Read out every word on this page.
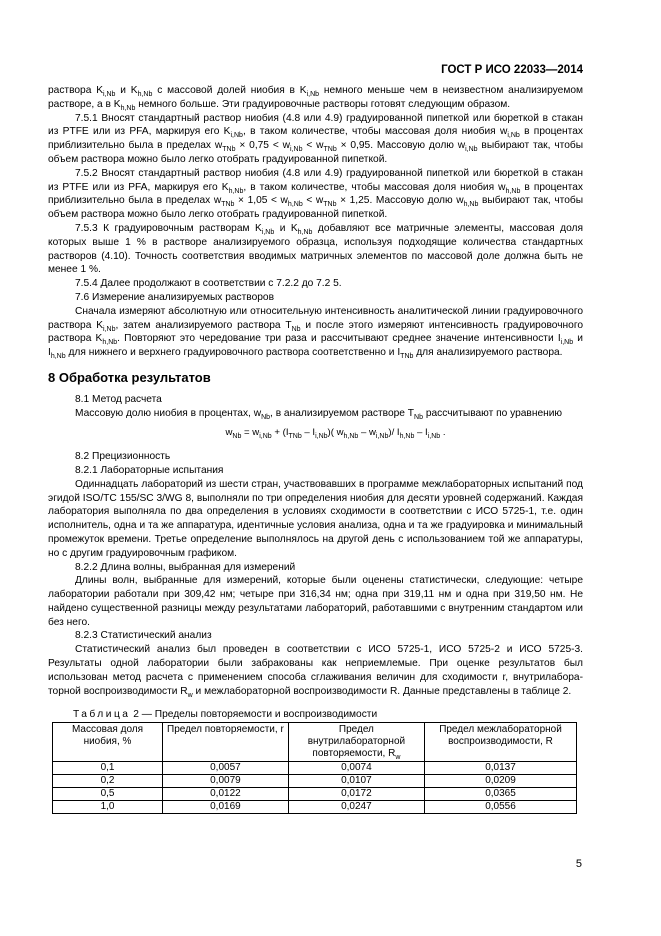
ГОСТ Р ИСО 22033—2014

раствора $K_{i,Nb}$ и $K_{h,Nb}$ с массовой долей ниобия в $K_{i,Nb}$ немного меньше чем в неизвестном анализируемом растворе, а в $K_{h,Nb}$ немного больше. Эти градуировочные растворы готовят следующим образом.

7.5.1 Вносят стандартный раствор ниобия (4.8 или 4.9) градуированной пипеткой или бюреткой в стакан из PTFE или из PFA, маркируя его $K_{i,Nb}$, в таком количестве, чтобы массовая доля ниобия $w_{i,Nb}$ в процентах приблизительно была в пределах $w_{TNb} \times 0,75 < w_{i,Nb} < w_{TNb} \times 0,95$. Массовую долю $w_{i,Nb}$ выбирают так, чтобы объем раствора можно было легко отобрать градуированной пипеткой.

7.5.2 Вносят стандартный раствор ниобия (4.8 или 4.9) градуированной пипеткой или бюреткой в стакан из PTFE или из PFA, маркируя его $K_{h,Nb}$, в таком количестве, чтобы массовая доля ниобия $w_{h,Nb}$ в процентах приблизительно была в пределах $w_{TNb} \times 1,05 < w_{h,Nb} < w_{TNb} \times 1,25$. Массовую долю $w_{h,Nb}$ выбирают так, чтобы объем раствора можно было легко отобрать градуированной пипеткой.

7.5.3 К градуировочным растворам $K_{i,Nb}$ и $K_{h,Nb}$ добавляют все матричные элементы, массовая доля которых выше 1 % в растворе анализируемого образца, используя подходящие количества стандартных растворов (4.10). Точность соответствия вводимых матричных элементов по массовой доле должна быть не менее 1 %.

7.5.4 Далее продолжают в соответствии с 7.2.2 до 7.2 5.

7.6 Измерение анализируемых растворов

Сначала измеряют абсолютную или относительную интенсивность аналитической линии градуировочного раствора $K_{i,Nb}$, затем анализируемого раствора $T_{Nb}$ и после этого измеряют интенсивность градуировочного раствора $K_{h,Nb}$. Повторяют это чередование три раза и рассчитывают среднее значение интенсивности $I_{i,Nb}$ и $I_{h,Nb}$ для нижнего и верхнего градуировочного раствора соответственно и $I_{TNb}$ для анализируемого раствора.

8 Обработка результатов

8.1 Метод расчета

Массовую долю ниобия в процентах, $w_{Nb}$, в анализируемом растворе $T_{Nb}$ рассчитывают по уравнению

$w_{Nb} = w_{i,Nb} + (I_{TNb} - I_{i,Nb})$( $w_{h,Nb} - w_{i,Nb})/$ $I_{h,Nb} - I_{i,Nb}$ .

8.2 Прецизионность

8.2.1 Лабораторные испытания

Одиннадцать лабораторий из шести стран, участвовавших в программе межлабораторных испытаний под эгидой ISO/TC 155/SC 3/WG 8, выполняли по три определения ниобия для десяти уровней содержаний. Каждая лаборатория выполняла по два определения в условиях сходимости в соответствии с ИСО 5725-1, т.е. один исполнитель, одна и та же аппаратура, идентичные условия анализа, одна и та же градуировка и минимальный промежуток времени. Третье определение выполнялось на другой день с использованием той же аппаратуры, но с другим градуировочным графиком.

8.2.2 Длина волны, выбранная для измерений

Длины волн, выбранные для измерений, которые были оценены статистически, следующие: четыре лаборатории работали при 309,42 нм; четыре при 316,34 нм; одна при 319,11 нм и одна при 319,50 нм. Не найдено существенной разницы между результатами лабораторий, работавшими с внутренним стандартом или без него.

8.2.3 Статистический анализ

Статистический анализ был проведен в соответствии с ИСО 5725-1, ИСО 5725-2 и ИСО 5725-3. Результаты одной лаборатории были забракованы как неприемлемые. При оценке результатов был использован метод расчета с применением способа сглаживания величин для сходимости r, внутрилабора-торной воспроизводимости $R_w$ и межлабораторной воспроизводимости R. Данные представлены в таблице 2.

Таблица 2 — Пределы повторяемости и воспроизводимости
Массовая доля ниобия, %	Предел повторяемости, r	Предел внутрилабораторной повторяемости, $R_w$	Предел межлабораторной воспроизводимости, R
0,1	0,0057	0,0074	0,0137
0,2	0,0079	0,0107	0,0209
0,5	0,0122	0,0172	0,0365
1,0	0,0169	0,0247	0,0556
5
